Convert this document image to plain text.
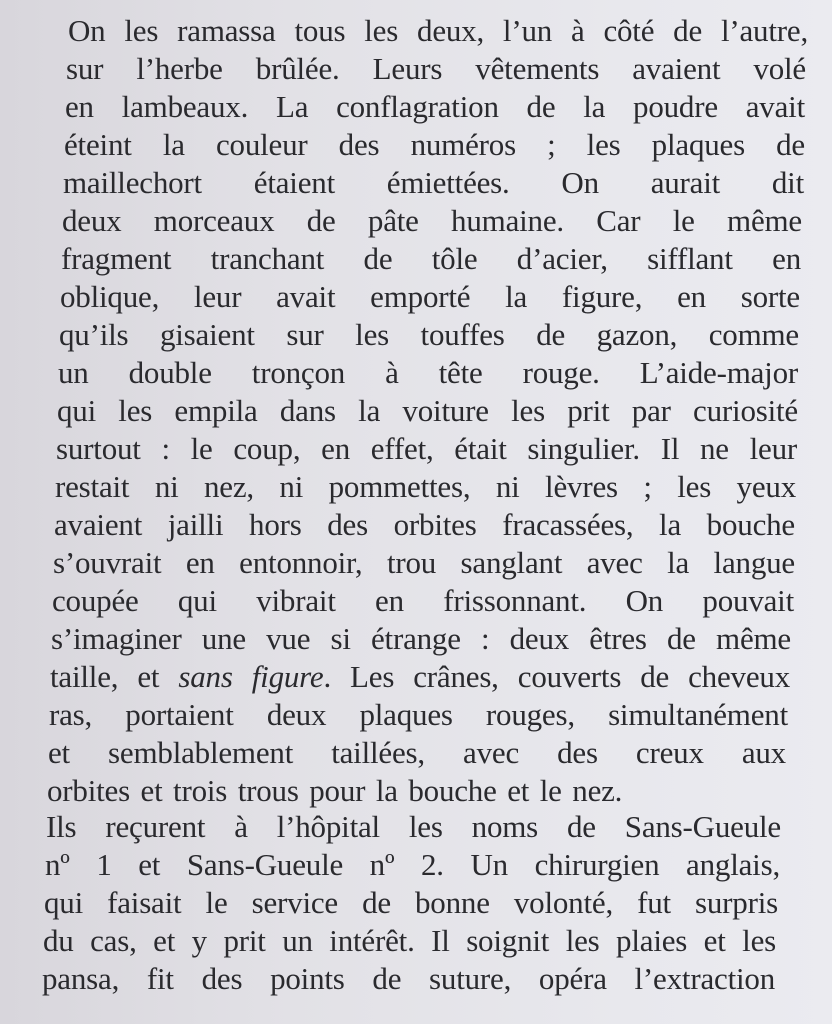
On les ramassa tous les deux, l’un à côté de l’autre,
sur l’herbe brûlée. Leurs vêtements avaient volé
en lambeaux. La conflagration de la poudre avait
éteint la couleur des numéros ; les plaques de
maillechort étaient émiettées. On aurait dit
deux morceaux de pâte humaine. Car le même
fragment tranchant de tôle d’acier, sifflant en
oblique, leur avait emporté la figure, en sorte
qu’ils gisaient sur les touffes de gazon, comme
un double tronçon à tête rouge. L’aide-major
qui les empila dans la voiture les prit par curiosité
surtout : le coup, en effet, était singulier. Il ne leur
restait ni nez, ni pommettes, ni lèvres ; les yeux
avaient jailli hors des orbites fracassées, la bouche
s’ouvrait en entonnoir, trou sanglant avec la langue
coupée qui vibrait en frissonnant. On pouvait
s’imaginer une vue si étrange : deux êtres de même
taille, et sans figure. Les crânes, couverts de cheveux
ras, portaient deux plaques rouges, simultanément
et semblablement taillées, avec des creux aux
orbites et trois trous pour la bouche et le nez.
Ils reçurent à l’hôpital les noms de Sans-Gueule
nº 1 et Sans-Gueule nº 2. Un chirurgien anglais,
qui faisait le service de bonne volonté, fut surpris
du cas, et y prit un intérêt. Il soignit les plaies et les
pansa, fit des points de suture, opéra l’extraction
